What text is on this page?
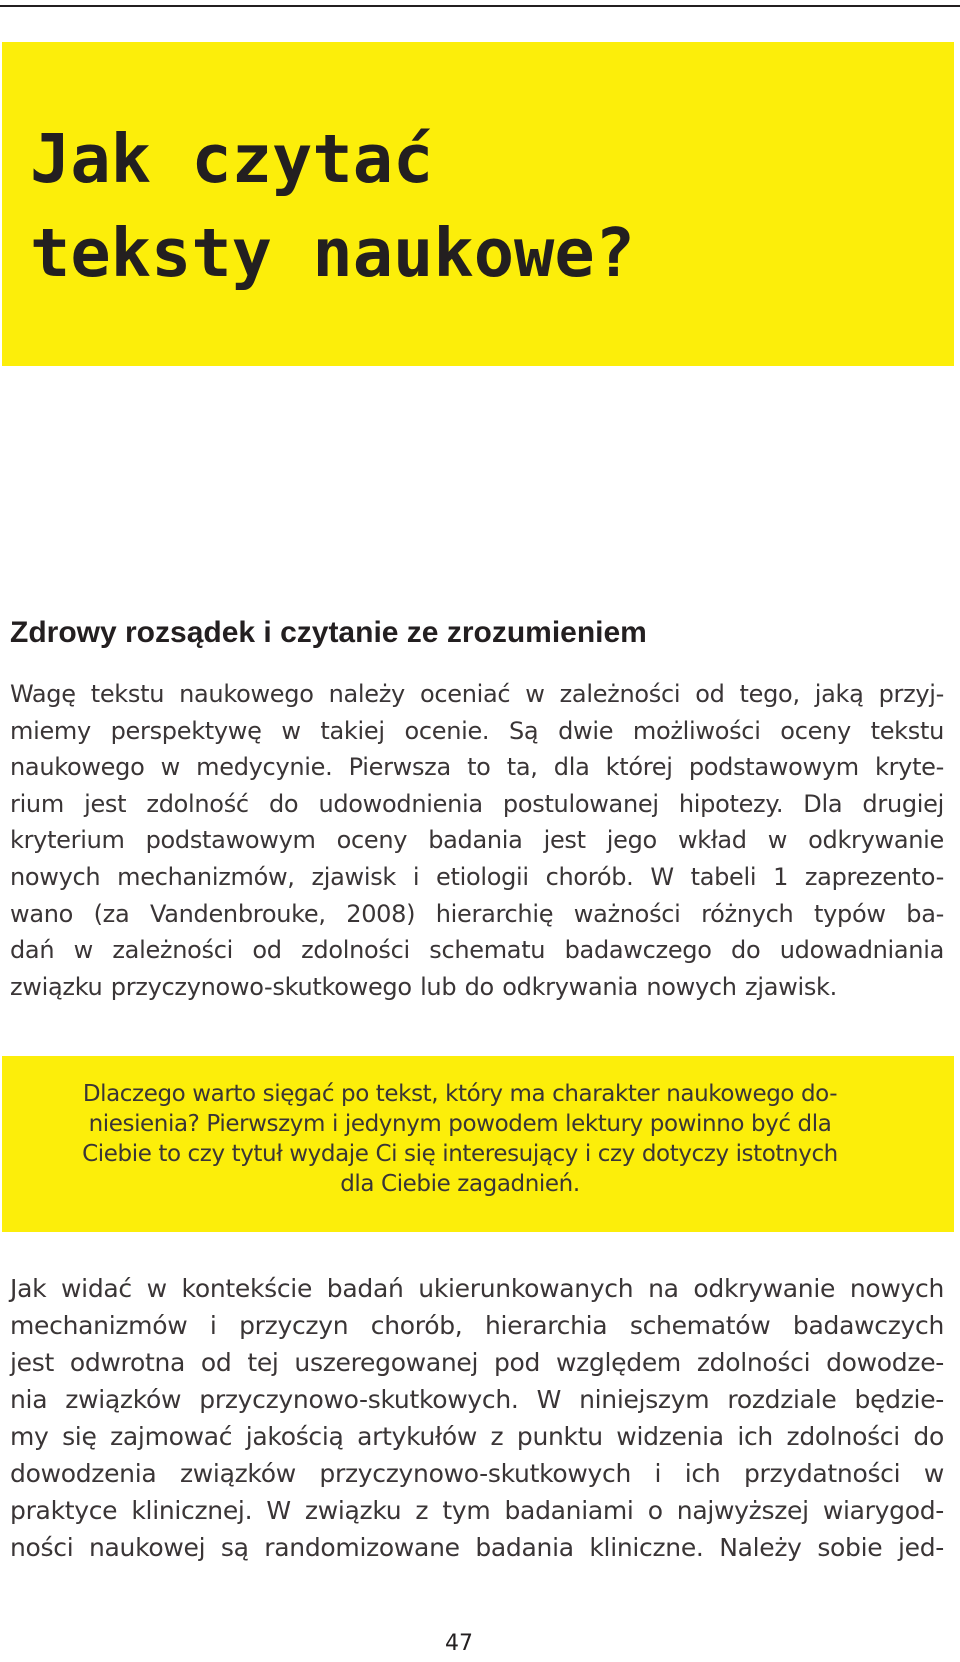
Jak czytać
teksty naukowe?
Zdrowy rozsądek i czytanie ze zrozumieniem
Wagę tekstu naukowego należy oceniać w zależności od tego, jaką przyj-
miemy perspektywę w takiej ocenie. Są dwie możliwości oceny tekstu
naukowego w medycynie. Pierwsza to ta, dla której podstawowym kryte-
rium jest zdolność do udowodnienia postulowanej hipotezy. Dla drugiej
kryterium podstawowym oceny badania jest jego wkład w odkrywanie
nowych mechanizmów, zjawisk i etiologii chorób. W tabeli 1 zaprezento-
wano (za Vandenbrouke, 2008) hierarchię ważności różnych typów ba-
dań w zależności od zdolności schematu badawczego do udowadniania
związku przyczynowo-skutkowego lub do odkrywania nowych zjawisk.
Dlaczego warto sięgać po tekst, który ma charakter naukowego do-
niesienia? Pierwszym i jedynym powodem lektury powinno być dla
Ciebie to czy tytuł wydaje Ci się interesujący i czy dotyczy istotnych
dla Ciebie zagadnień.
Jak widać w kontekście badań ukierunkowanych na odkrywanie nowych
mechanizmów i przyczyn chorób, hierarchia schematów badawczych
jest odwrotna od tej uszeregowanej pod względem zdolności dowodze-
nia związków przyczynowo-skutkowych. W niniejszym rozdziale będzie-
my się zajmować jakością artykułów z punktu widzenia ich zdolności do
dowodzenia związków przyczynowo-skutkowych i ich przydatności w
praktyce klinicznej. W związku z tym badaniami o najwyższej wiarygod-
ności naukowej są randomizowane badania kliniczne. Należy sobie jed-

47
